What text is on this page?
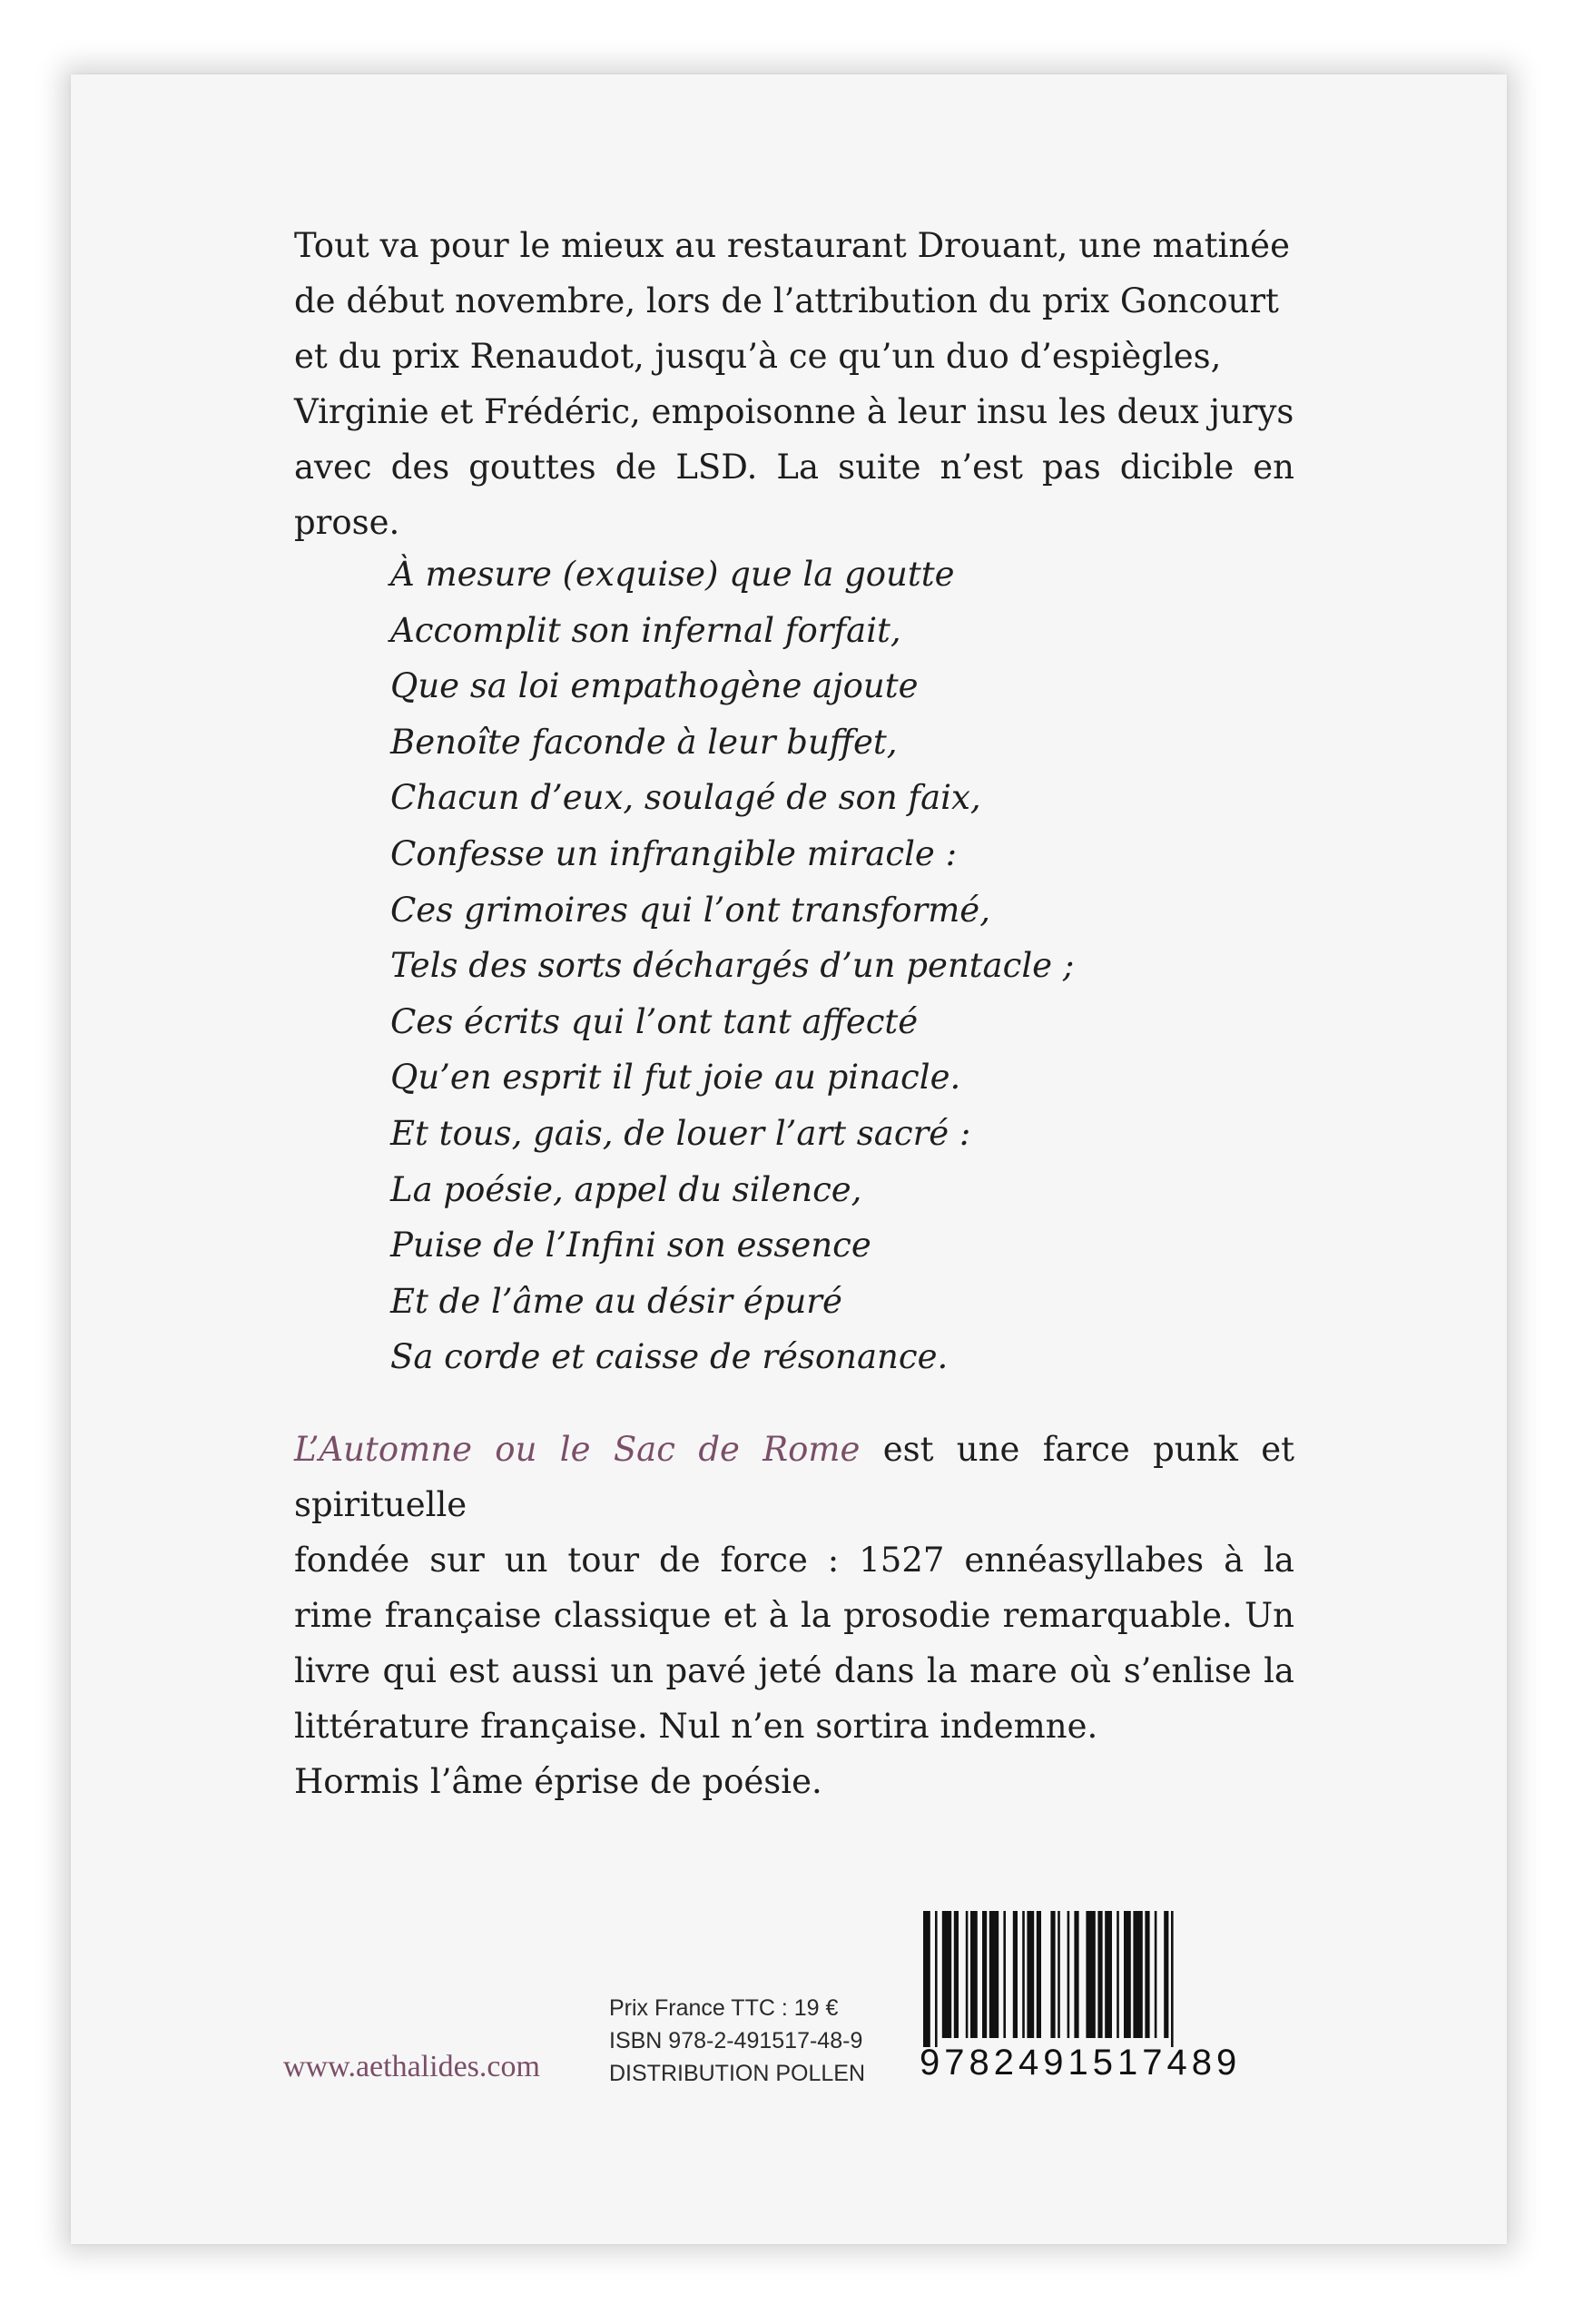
Tout va pour le mieux au restaurant Drouant, une matinée
de début novembre, lors de l’attribution du prix Goncourt
et du prix Renaudot, jusqu’à ce qu’un duo d’espiègles,
Virginie et Frédéric, empoisonne à leur insu les deux jurys
avec des gouttes de LSD. La suite n’est pas dicible en prose.
À mesure (exquise) que la goutte
Accomplit son infernal forfait,
Que sa loi empathogène ajoute
Benoîte faconde à leur buffet,
Chacun d’eux, soulagé de son faix,
Confesse un infrangible miracle :
Ces grimoires qui l’ont transformé,
Tels des sorts déchargés d’un pentacle ;
Ces écrits qui l’ont tant affecté
Qu’en esprit il fut joie au pinacle.
Et tous, gais, de louer l’art sacré :
La poésie, appel du silence,
Puise de l’Infini son essence
Et de l’âme au désir épuré
Sa corde et caisse de résonance.
L’Automne ou le Sac de Rome est une farce punk et spirituelle
fondée sur un tour de force : 1527 ennéasyllabes à la
rime française classique et à la prosodie remarquable. Un
livre qui est aussi un pavé jeté dans la mare où s’enlise la
littérature française. Nul n’en sortira indemne.
Hormis l’âme éprise de poésie.

www.aethalides.com

Prix France TTC : 19 €
ISBN 978-2-491517-48-9
DISTRIBUTION POLLEN 9782491517489
